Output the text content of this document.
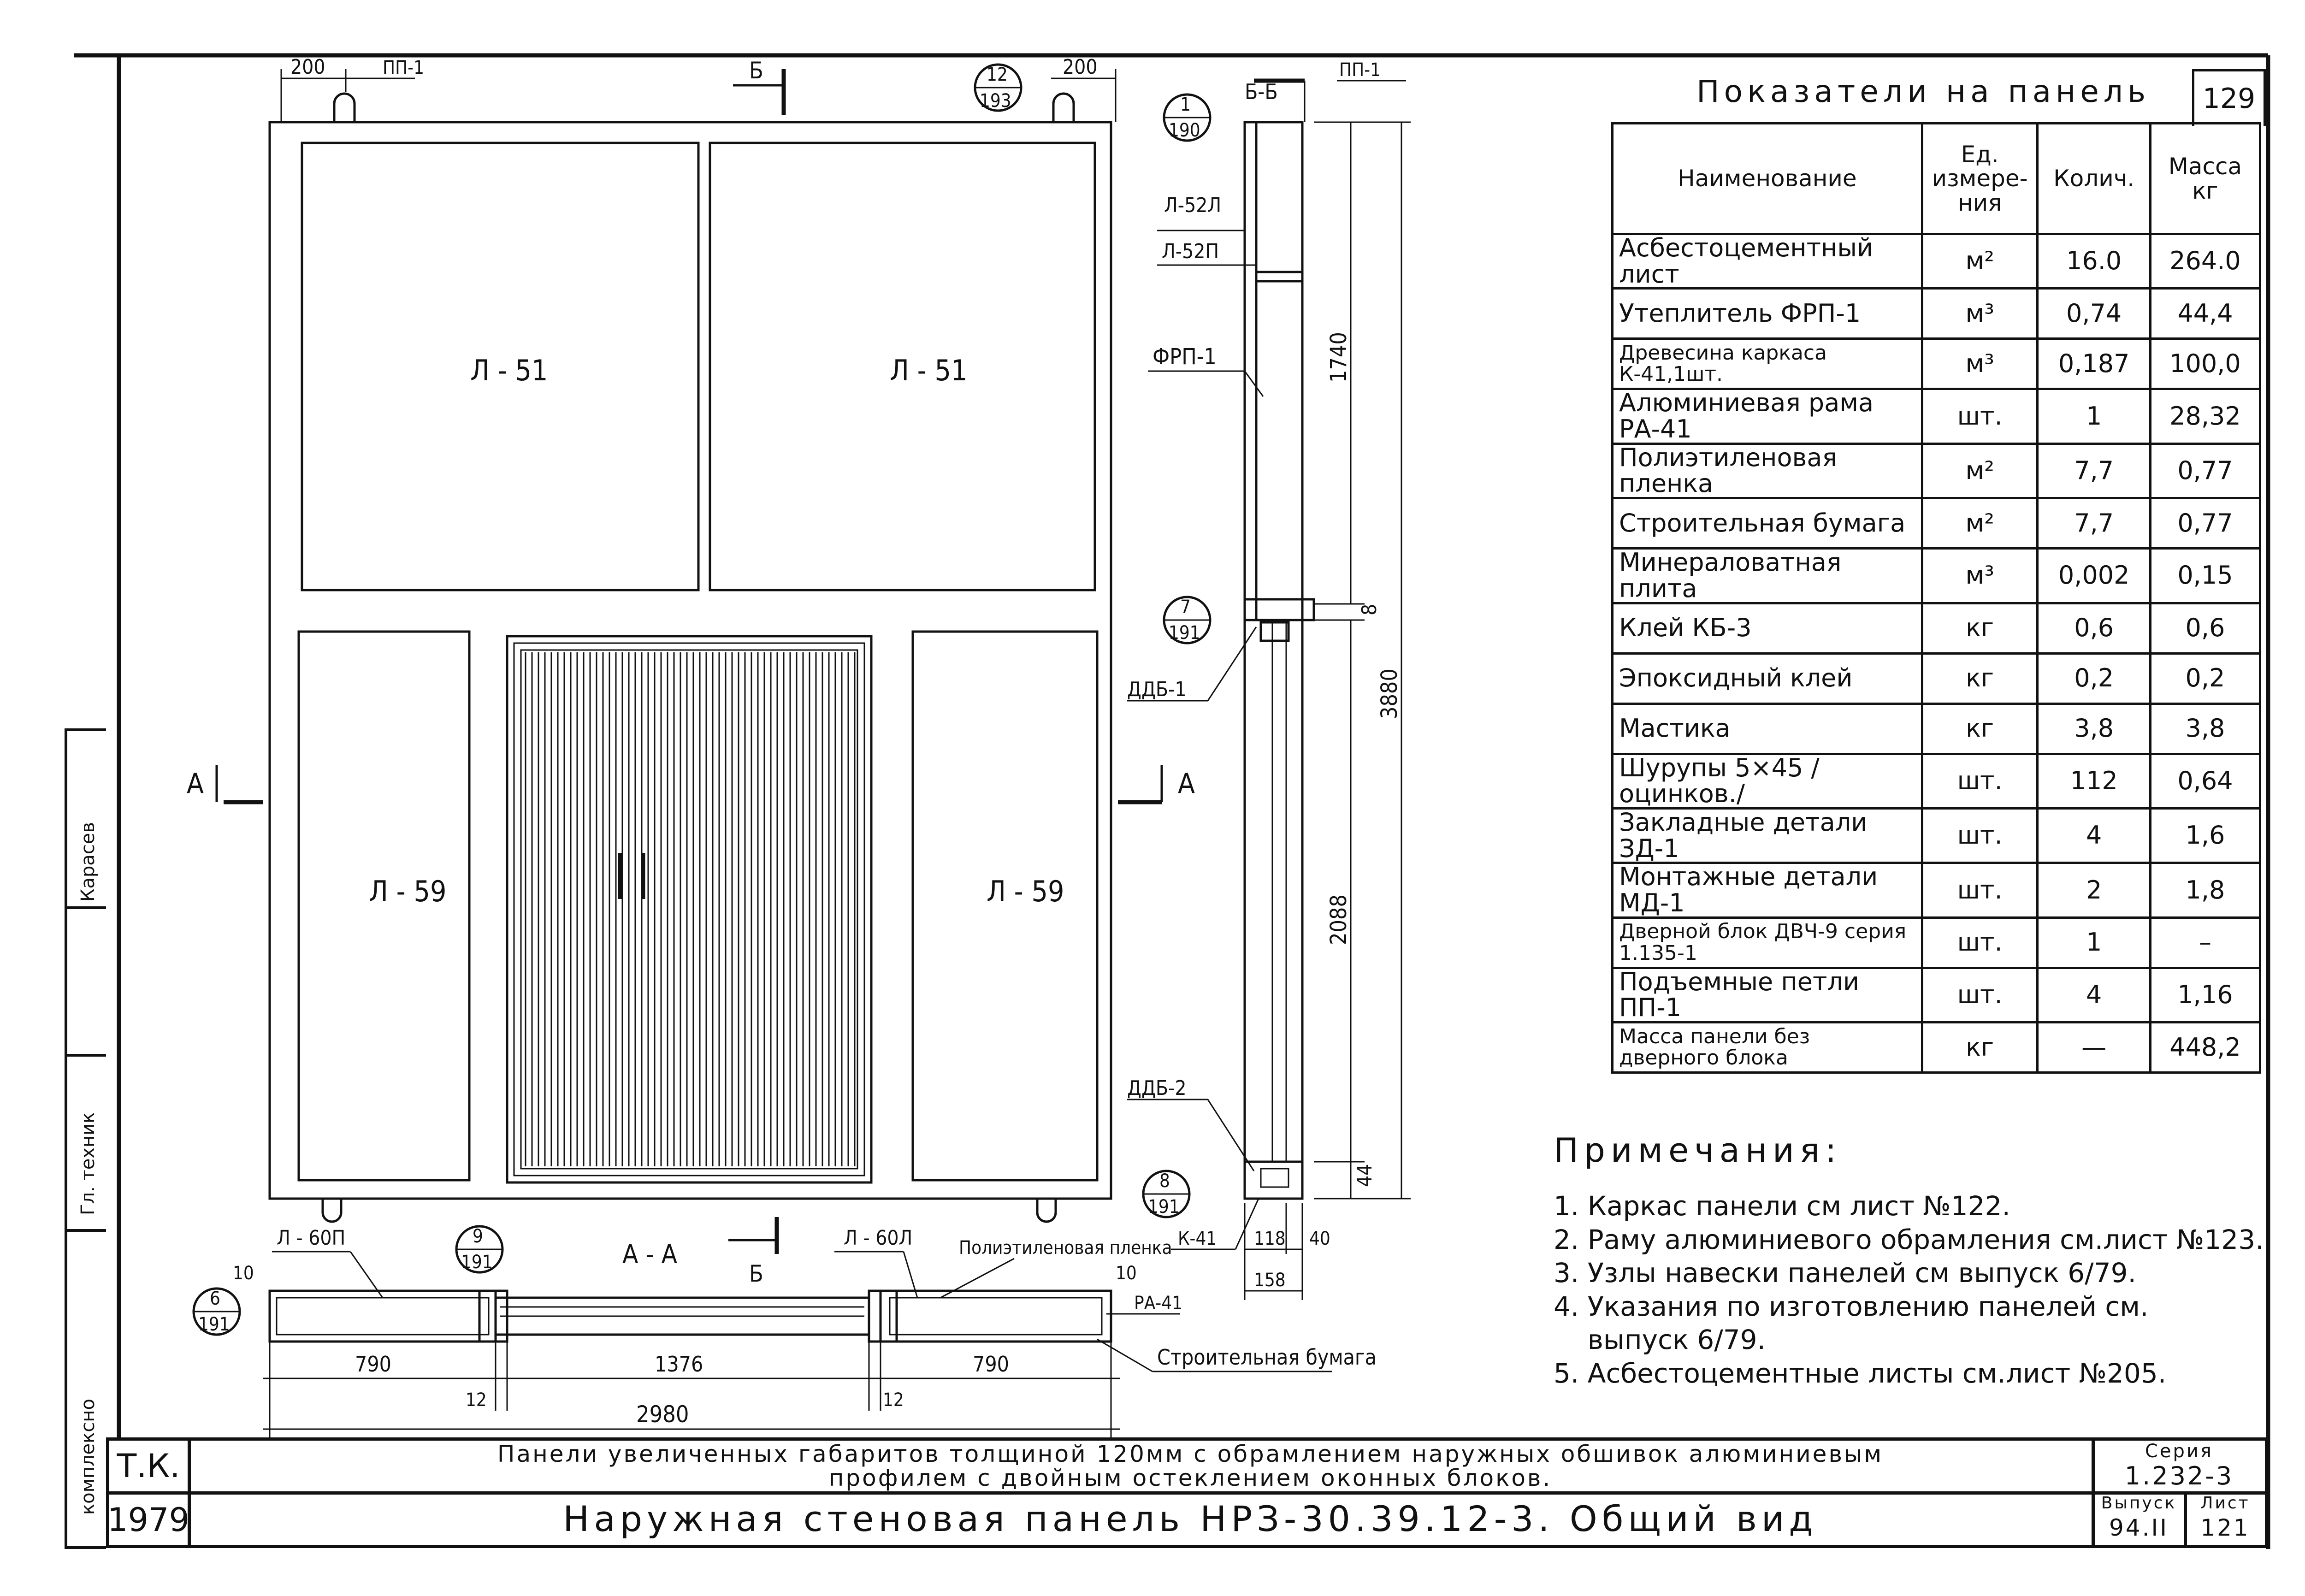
200	ПП-1	200
12
193
Б
Л - 51	Л - 51
Л - 59	Л - 59
А	А
Б-Б
ПП-1
1
190
Л-52Л
Л-52П
ФРП-1
7
191
ДДБ-1
ДДБ-2
8
191
К-41
1740
8
3880
2088
44
118 40
158
6
191
9
191	А - А
Б
Л - 60П	Л - 60Л	Полиэтиленовая пленка
РА-41
Строительная бумага
10	10
790	1376	790
12	12
2980
Показатели на панель	129
Наименование	Ед. измере-ния	Колич.	Масса кг
Асбестоцементный лист	м²	16.0	264.0
Утеплитель ФРП-1	м³	0,74	44,4
Древесина каркаса К-41,1шт.	м³	0,187	100,0
Алюминиевая рама РА-41	шт.	1	28,32
Полиэтиленовая пленка	м²	7,7	0,77
Строительная бумага	м²	7,7	0,77
Минераловатная плита	м³	0,002	0,15
Клей КБ-3	кг	0,6	0,6
Эпоксидный клей	кг	0,2	0,2
Мастика	кг	3,8	3,8
Шурупы 5×45 /оцинков./	шт.	112	0,64
Закладные детали ЗД-1	шт.	4	1,6
Монтажные детали МД-1	шт.	2	1,8
Дверной блок ДВЧ-9 серия 1.135-1	шт.	1	–
Подъемные петли ПП-1	шт.	4	1,16
Масса панели без дверного блока	кг	—	448,2
Примечания:
1. Каркас панели см лист №122.
2. Раму алюминиевого обрамления см.лист №123.
3. Узлы навески панелей см выпуск 6/79.
4. Указания по изготовлению панелей см.
выпуск 6/79.
5. Асбестоцементные листы см.лист №205.
Карасев
Гл. техник
комплексно Т.К.
1979
Панели увеличенных габаритов толщиной 120мм с обрамлением наружных обшивок алюминиевым
профилем с двойным остеклением оконных блоков.
Наружная стеновая панель НРЗ-30.39.12-3. Общий вид
Серия
1.232-3
Выпуск
94.II
Лист
121
